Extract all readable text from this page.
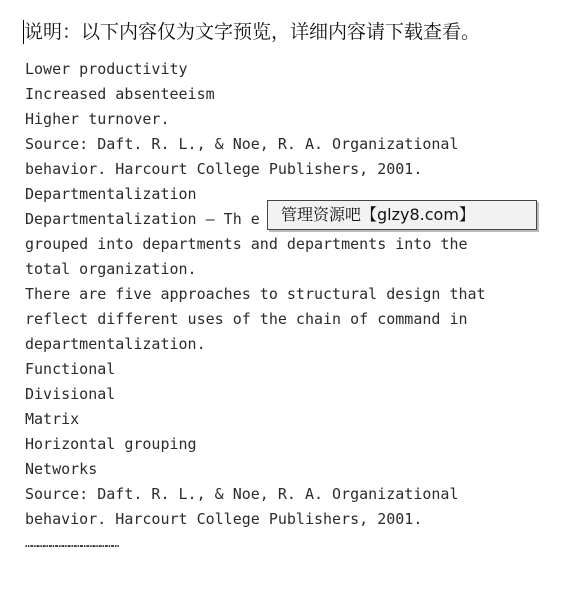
说明：以下内容仅为文字预览，详细内容请下载查看。
Lower productivity
Increased absenteeism
Higher turnover.
Source: Daft. R. L., & Noe, R. A. Organizational
behavior. Harcourt College Publishers, 2001.
Departmentalization
Departmentalization – Th e
grouped into departments and departments into the
total organization.
There are five approaches to structural design that
reflect different uses of the chain of command in
departmentalization.
Functional
Divisional
Matrix
Horizontal grouping
Networks
Source: Daft. R. L., & Noe, R. A. Organizational
behavior. Harcourt College Publishers, 2001.
管理资源吧【glzy8.com】
………………………………………
